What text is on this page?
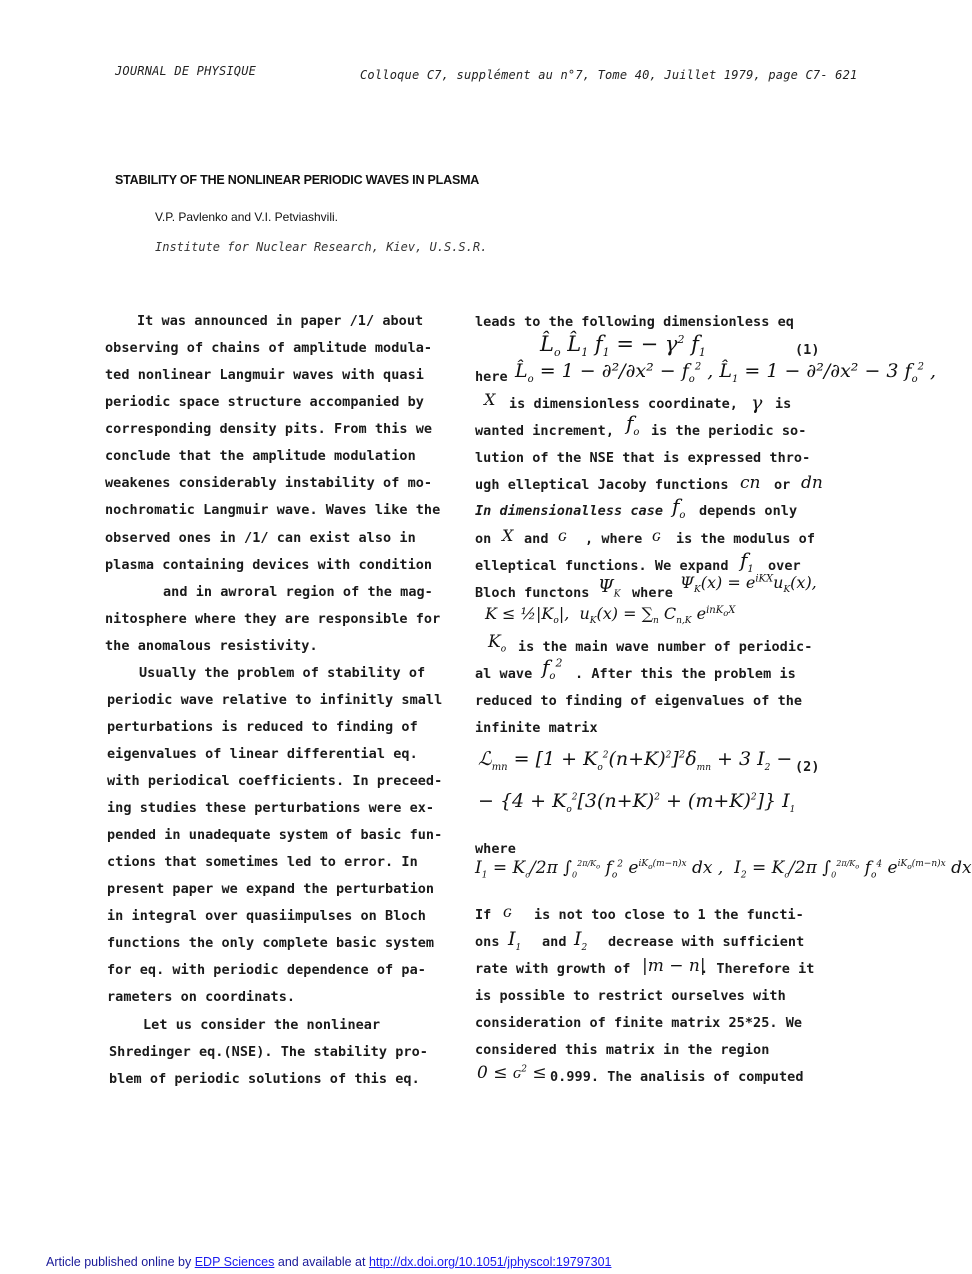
JOURNAL DE PHYSIQUE	Colloque C7, supplément au n°7, Tome 40, Juillet 1979, page C7- 621
STABILITY OF THE NONLINEAR PERIODIC WAVES IN PLASMA
V.P. Pavlenko and V.I. Petviashvili.
Institute for Nuclear Research, Kiev, U.S.S.R.
It was announced in paper /1/ about
observing of chains of amplitude modula-
ted nonlinear Langmuir waves with quasi
periodic space structure accompanied by
corresponding density pits. From this we
conclude that the amplitude modulation
weakenes considerably instability of mo-
nochromatic Langmuir wave. Waves like the
observed ones in /1/ can exist also in
plasma containing devices with condition
and in awroral region of the mag-
nitosphere where they are responsible for
the anomalous resistivity.
Usually the problem of stability of
periodic wave relative to infinitly small
perturbations is reduced to finding of
eigenvalues of linear differential eq.
with periodical coefficients. In preceed-
ing studies these perturbations were ex-
pended in unadequate system of basic fun-
ctions that sometimes led to error. In
present paper we expand the perturbation
in integral over quasiimpulses on Bloch
functions the only complete basic system
for eq. with periodic dependence of pa-
rameters on coordinats.
Let us consider the nonlinear
Shredinger eq.(NSE). The stability pro-
blem of periodic solutions of this eq.
leads to the following dimensionless eq
$L̂_o$ $L̂_1$ $f_1$ = − $\gamma^2$ $f_1$	(1)
here $L̂_o = 1 - \partial^2/\partial x^2 - f_o^2$ , $L̂_1 = 1 - \partial^2/\partial x^2 - 3$ $f_o^2$ ,
X is dimensionless coordinate, γ is
wanted increment, $f_o$ is the periodic so-
lution of the NSE that is expressed thro-
ugh elleptical Jacoby functions cn or dn
In dimensionalless case $f_o$ depends only
on X and ԍ , where ԍ is the modulus of
elleptical functions. We expand $f_1$ over
Bloch functons $\Psi_K$ where
$\Psi_K(x) = e^{iKX}u_K(x)$,
$K \le \frac{1}{2}|K_o|$,  $u_K(x) = \sum_n$ $C_{n,K}$ $e^{inK_oX}$
$K_o$ is the main wave number of periodic-
al wave $f_o^2$
. After this the problem is
reduced to finding of eigenvalues of the
infinite matrix
ℒ$_{mn}$ = $[1 + K_o^2(n+K)^2]^2\delta_{mn} + 3$ $I_2 - (2)$
− $\{4 + K_o^2[3(n+K)^2 + (m+K)^2]\}$ $I_1$
where
$I_1 = K_o/2\pi$ $\int_0^{2\pi/K_o}$ $f_o^2$ $e^{iK_o(m-n)x}$ dx ,  $I_2 = K_o/2\pi$ $\int_0^{2\pi/K_o}$ $f_o^4$ $e^{iK_o(m-n)x}$ dx
If ԍ is not too close to 1 the functi-
ons $I_1$ and $I_2$ decrease with sufficient
rate with growth of |m − n|
. Therefore it
is possible to restrict ourselves with
consideration of finite matrix 25*25. We
considered this matrix in the region
0 ≤ ԍ$^2$ ≤ 0.999. The analisis of computed
Article published online by EDP Sciences and available at http://dx.doi.org/10.1051/jphyscol:19797301
